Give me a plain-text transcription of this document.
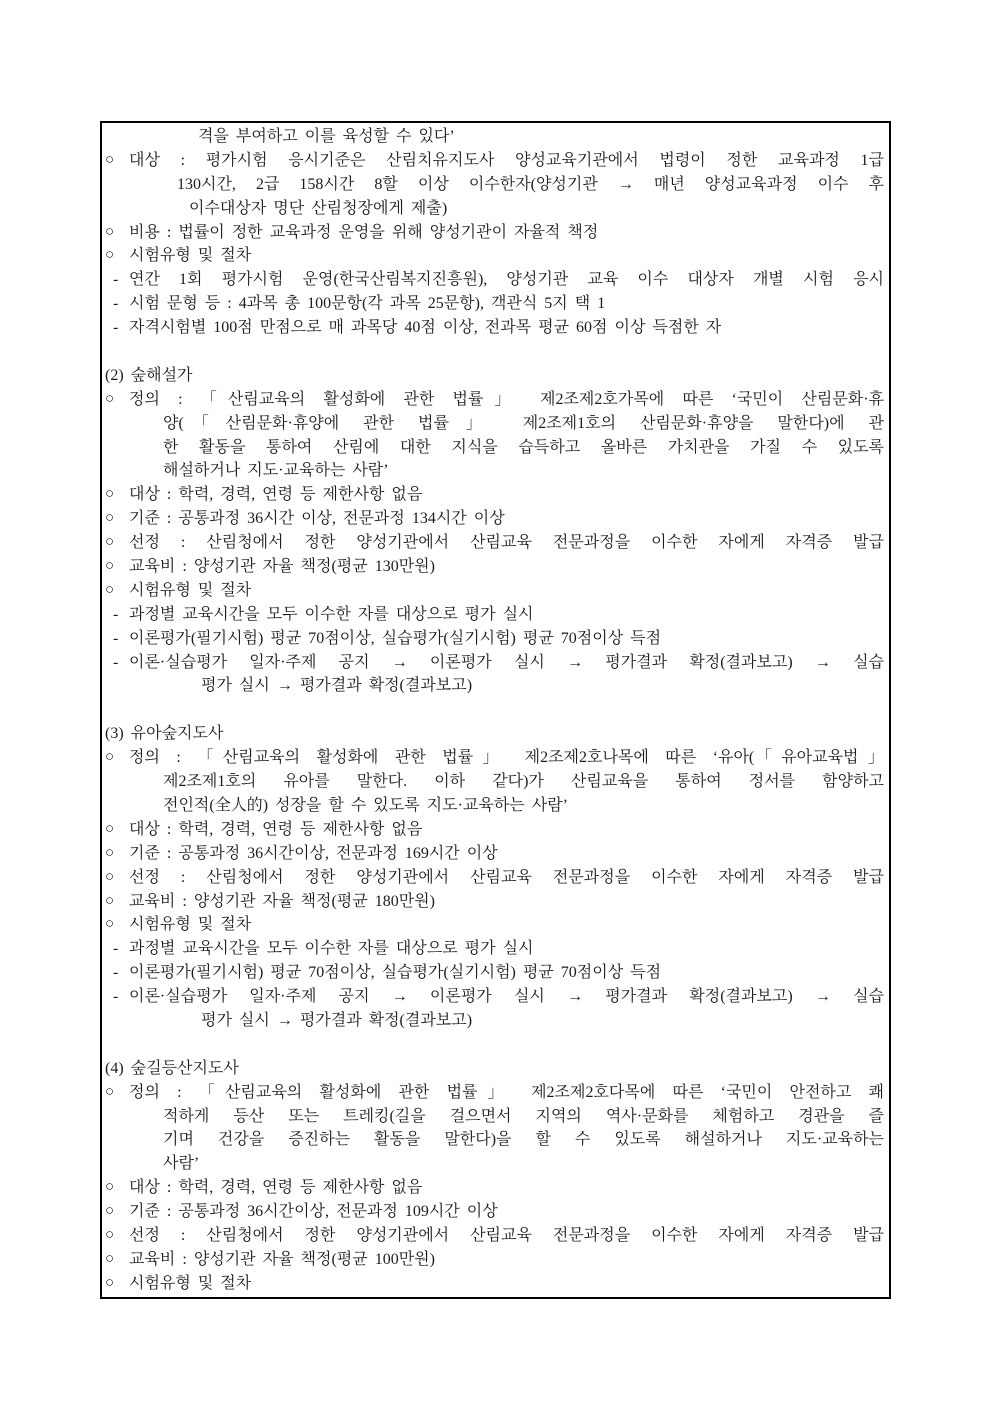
격을 부여하고 이를 육성할 수 있다’
○ 대상 : 평가시험 응시기준은 산림치유지도사 양성교육기관에서 법령이 정한 교육과정 1급
130시간, 2급 158시간 8할 이상 이수한자(양성기관 → 매년 양성교육과정 이수 후
이수대상자 명단 산림청장에게 제출)
○ 비용 : 법률이 정한 교육과정 운영을 위해 양성기관이 자율적 책정
○ 시험유형 및 절차
- 연간 1회 평가시험 운영(한국산림복지진흥원), 양성기관 교육 이수 대상자 개별 시험 응시
- 시험 문형 등 : 4과목 총 100문항(각 과목 25문항), 객관식 5지 택 1
- 자격시험별 100점 만점으로 매 과목당 40점 이상, 전과목 평균 60점 이상 득점한 자
(2) 숲해설가
○ 정의 : 「산림교육의 활성화에 관한 법률」 제2조제2호가목에 따른 ‘국민이 산림문화·휴
양(「산림문화·휴양에 관한 법률」 제2조제1호의 산림문화·휴양을 말한다)에 관
한 활동을 통하여 산림에 대한 지식을 습득하고 올바른 가치관을 가질 수 있도록
해설하거나 지도·교육하는 사람’
○ 대상 : 학력, 경력, 연령 등 제한사항 없음
○ 기준 : 공통과정 36시간 이상, 전문과정 134시간 이상
○ 선정 : 산림청에서 정한 양성기관에서 산림교육 전문과정을 이수한 자에게 자격증 발급
○ 교육비 : 양성기관 자율 책정(평균 130만원)
○ 시험유형 및 절차
- 과정별 교육시간을 모두 이수한 자를 대상으로 평가 실시
- 이론평가(필기시험) 평균 70점이상, 실습평가(실기시험) 평균 70점이상 득점
- 이론·실습평가 일자·주제 공지 → 이론평가 실시 → 평가결과 확정(결과보고) → 실습
평가 실시 → 평가결과 확정(결과보고)
(3) 유아숲지도사
○ 정의 : 「산림교육의 활성화에 관한 법률」 제2조제2호나목에 따른 ‘유아(「유아교육법」
제2조제1호의 유아를 말한다. 이하 같다)가 산림교육을 통하여 정서를 함양하고
전인적(全人的) 성장을 할 수 있도록 지도·교육하는 사람’
○ 대상 : 학력, 경력, 연령 등 제한사항 없음
○ 기준 : 공통과정 36시간이상, 전문과정 169시간 이상
○ 선정 : 산림청에서 정한 양성기관에서 산림교육 전문과정을 이수한 자에게 자격증 발급
○ 교육비 : 양성기관 자율 책정(평균 180만원)
○ 시험유형 및 절차
- 과정별 교육시간을 모두 이수한 자를 대상으로 평가 실시
- 이론평가(필기시험) 평균 70점이상, 실습평가(실기시험) 평균 70점이상 득점
- 이론·실습평가 일자·주제 공지 → 이론평가 실시 → 평가결과 확정(결과보고) → 실습
평가 실시 → 평가결과 확정(결과보고)
(4) 숲길등산지도사
○ 정의 : 「산림교육의 활성화에 관한 법률」 제2조제2호다목에 따른 ‘국민이 안전하고 쾌
적하게 등산 또는 트레킹(길을 걸으면서 지역의 역사·문화를 체험하고 경관을 즐
기며 건강을 증진하는 활동을 말한다)을 할 수 있도록 해설하거나 지도·교육하는
사람’
○ 대상 : 학력, 경력, 연령 등 제한사항 없음
○ 기준 : 공통과정 36시간이상, 전문과정 109시간 이상
○ 선정 : 산림청에서 정한 양성기관에서 산림교육 전문과정을 이수한 자에게 자격증 발급
○ 교육비 : 양성기관 자율 책정(평균 100만원)
○ 시험유형 및 절차
